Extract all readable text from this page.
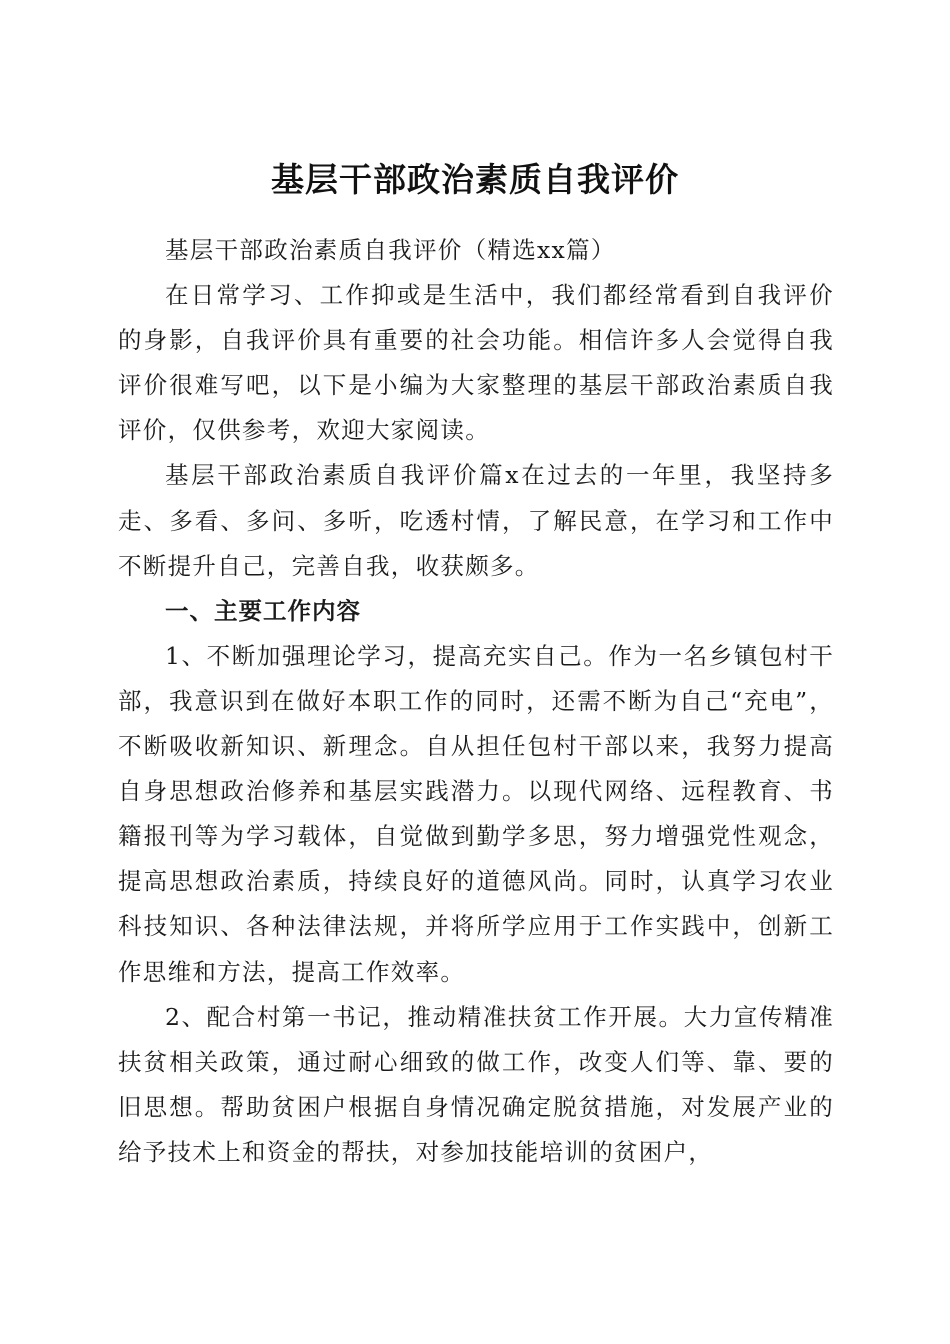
基层干部政治素质自我评价

基层干部政治素质自我评价（精选xx篇）

在日常学习、工作抑或是生活中，我们都经常看到自我评价的身影，自我评价具有重要的社会功能。相信许多人会觉得自我评价很难写吧，以下是小编为大家整理的基层干部政治素质自我评价，仅供参考，欢迎大家阅读。

基层干部政治素质自我评价篇x在过去的一年里，我坚持多走、多看、多问、多听，吃透村情，了解民意，在学习和工作中不断提升自己，完善自我，收获颇多。

一、主要工作内容

1、不断加强理论学习，提高充实自己。作为一名乡镇包村干部，我意识到在做好本职工作的同时，还需不断为自己“充电”，不断吸收新知识、新理念。自从担任包村干部以来，我努力提高自身思想政治修养和基层实践潜力。以现代网络、远程教育、书籍报刊等为学习载体，自觉做到勤学多思，努力增强党性观念，提高思想政治素质，持续良好的道德风尚。同时，认真学习农业科技知识、各种法律法规，并将所学应用于工作实践中，创新工作思维和方法，提高工作效率。

2、配合村第一书记，推动精准扶贫工作开展。大力宣传精准扶贫相关政策，通过耐心细致的做工作，改变人们等、靠、要的旧思想。帮助贫困户根据自身情况确定脱贫措施，对发展产业的给予技术上和资金的帮扶，对参加技能培训的贫困户，
